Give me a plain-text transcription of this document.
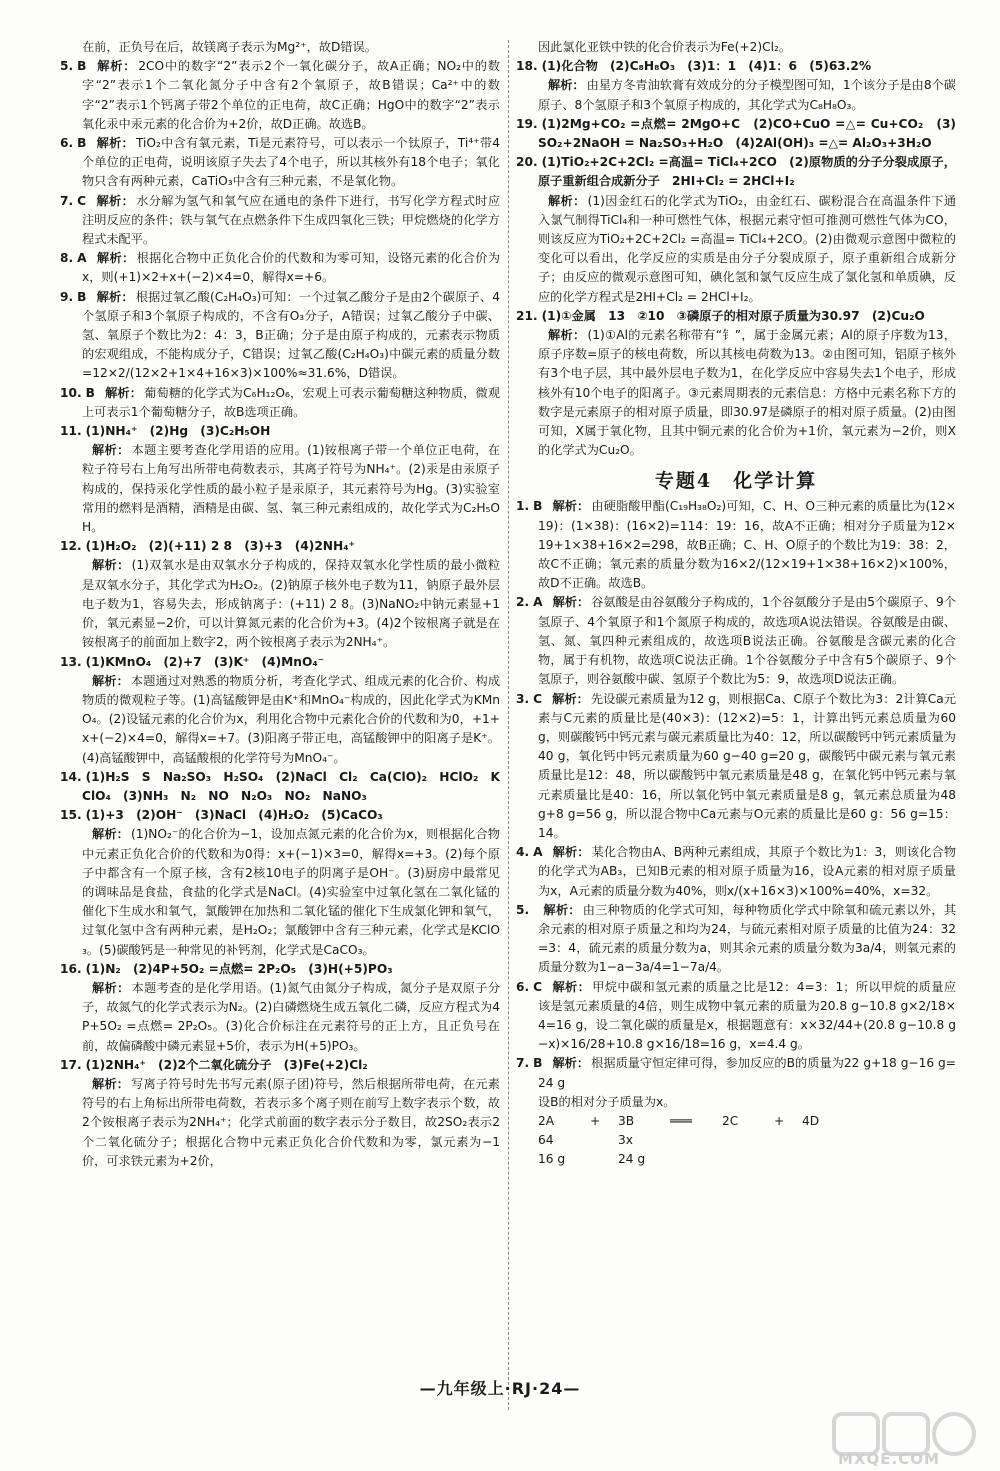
在前，正负号在后，故镁离子表示为Mg²⁺，故D错误。
5. B 解析： 2CO中的数字“2”表示2个一氧化碳分子，故A正确；NO₂中的数字“2”表示1个二氧化氮分子中含有2个氧原子，故B错误；Ca²⁺中的数字“2”表示1个钙离子带2个单位的正电荷，故C正确；HgO中的数字“2”表示氧化汞中汞元素的化合价为+2价，故D正确。故选B。
6. B 解析： TiO₂中含有氧元素，Ti是元素符号，可以表示一个钛原子，Ti⁴⁺带4个单位的正电荷，说明该原子失去了4个电子，所以其核外有18个电子；氧化物只含有两种元素，CaTiO₃中含有三种元素，不是氧化物。
7. C 解析： 水分解为氢气和氧气应在通电的条件下进行，书写化学方程式时应注明反应的条件；铁与氧气在点燃条件下生成四氧化三铁；甲烷燃烧的化学方程式未配平。
8. A 解析： 根据化合物中正负化合价的代数和为零可知，设铬元素的化合价为x，则(+1)×2+x+(−2)×4=0，解得x=+6。
9. B 解析： 根据过氧乙酸(C₂H₄O₃)可知：一个过氧乙酸分子是由2个碳原子、4个氢原子和3个氧原子构成的，不含有O₃分子，A错误；过氧乙酸分子中碳、氢、氧原子个数比为2：4：3，B正确；分子是由原子构成的，元素表示物质的宏观组成，不能构成分子，C错误；过氧乙酸(C₂H₄O₃)中碳元素的质量分数=12×2/(12×2+1×4+16×3)×100%≈31.6%，D错误。
10. B 解析： 葡萄糖的化学式为C₆H₁₂O₆，宏观上可表示葡萄糖这种物质，微观上可表示1个葡萄糖分子，故B选项正确。
11. (1)NH₄⁺　(2)Hg　(3)C₂H₅OH
解析： 本题主要考查化学用语的应用。(1)铵根离子带一个单位正电荷，在粒子符号右上角写出所带电荷数表示，其离子符号为NH₄⁺。(2)汞是由汞原子构成的，保持汞化学性质的最小粒子是汞原子，其元素符号为Hg。(3)实验室常用的燃料是酒精，酒精是由碳、氢、氧三种元素组成的，故化学式为C₂H₅OH。
12. (1)H₂O₂　(2)(+11) 2 8　(3)+3　(4)2NH₄⁺
解析： (1)双氧水是由双氧水分子构成的，保持双氧水化学性质的最小微粒是双氧水分子，其化学式为H₂O₂。(2)钠原子核外电子数为11，钠原子最外层电子数为1，容易失去，形成钠离子：(+11) 2 8。(3)NaNO₂中钠元素显+1价，氧元素显−2价，可以计算氮元素的化合价为+3。(4)2个铵根离子就是在铵根离子的前面加上数字2，两个铵根离子表示为2NH₄⁺。
13. (1)KMnO₄　(2)+7　(3)K⁺　(4)MnO₄⁻
解析： 本题通过对熟悉的物质分析，考查化学式、组成元素的化合价、构成物质的微观粒子等。(1)高锰酸钾是由K⁺和MnO₄⁻构成的，因此化学式为KMnO₄。(2)设锰元素的化合价为x，利用化合物中元素化合价的代数和为0，+1+x+(−2)×4=0，解得x=+7。(3)阳离子带正电，高锰酸钾中的阳离子是K⁺。(4)高锰酸钾中，高锰酸根的化学符号为MnO₄⁻。
14. (1)H₂S　S　Na₂SO₃　H₂SO₄　(2)NaCl　Cl₂　Ca(ClO)₂　HClO₂　KClO₄　(3)NH₃　N₂　NO　N₂O₃　NO₂　NaNO₃
15. (1)+3　(2)OH⁻　(3)NaCl　(4)H₂O₂　(5)CaCO₃
解析： (1)NO₂⁻的化合价为−1，设加点氮元素的化合价为x，则根据化合物中元素正负化合价的代数和为0得：x+(−1)×3=0，解得x=+3。(2)每个原子中都含有一个原子核，含有2核10电子的阴离子是OH⁻。(3)厨房中最常见的调味品是食盐，食盐的化学式是NaCl。(4)实验室中过氧化氢在二氧化锰的催化下生成水和氧气，氯酸钾在加热和二氧化锰的催化下生成氯化钾和氧气，过氧化氢中含有两种元素，是H₂O₂；氯酸钾中含有三种元素，化学式是KClO₃。(5)碳酸钙是一种常见的补钙剂，化学式是CaCO₃。
16. (1)N₂　(2)4P+5O₂ =点燃= 2P₂O₅　(3)H(+5)PO₃
解析： 本题考查的是化学用语。(1)氮气由氮分子构成，氮分子是双原子分子，故氮气的化学式表示为N₂。(2)白磷燃烧生成五氧化二磷，反应方程式为4P+5O₂ =点燃= 2P₂O₅。(3)化合价标注在元素符号的正上方，且正负号在前，故偏磷酸中磷元素显+5价，表示为H(+5)PO₃。
17. (1)2NH₄⁺　(2)2个二氧化硫分子　(3)Fe(+2)Cl₂
解析： 写离子符号时先书写元素(原子团)符号，然后根据所带电荷，在元素符号的右上角标出所带电荷数，若表示多个离子则在前写上数字表示个数，故2个铵根离子表示为2NH₄⁺；化学式前面的数字表示分子数目，故2SO₂表示2个二氧化硫分子；根据化合物中元素正负化合价代数和为零，氯元素为−1价，可求铁元素为+2价，
因此氯化亚铁中铁的化合价表示为Fe(+2)Cl₂。
18. (1)化合物　(2)C₈H₈O₃　(3)1：1　(4)1：6　(5)63.2%
解析： 由星方冬青油软膏有效成分的分子模型图可知，1个该分子是由8个碳原子、8个氢原子和3个氧原子构成的，其化学式为C₈H₈O₃。
19. (1)2Mg+CO₂ =点燃= 2MgO+C　(2)CO+CuO =△= Cu+CO₂　(3)SO₂+2NaOH = Na₂SO₃+H₂O　(4)2Al(OH)₃ =△= Al₂O₃+3H₂O
20. (1)TiO₂+2C+2Cl₂ =高温= TiCl₄+2CO　(2)原物质的分子分裂成原子，原子重新组合成新分子　2HI+Cl₂ = 2HCl+I₂
解析： (1)因金红石的化学式为TiO₂，由金红石、碳粉混合在高温条件下通入氯气制得TiCl₄和一种可燃性气体，根据元素守恒可推测可燃性气体为CO，则该反应为TiO₂+2C+2Cl₂ =高温= TiCl₄+2CO。(2)由微观示意图中微粒的变化可以看出，化学反应的实质是由分子分裂成原子，原子重新组合成新分子；由反应的微观示意图可知，碘化氢和氯气反应生成了氯化氢和单质碘，反应的化学方程式是2HI+Cl₂ = 2HCl+I₂。
21. (1)①金属　13　②10　③磷原子的相对原子质量为30.97　(2)Cu₂O
解析： (1)①Al的元素名称带有“钅”，属于金属元素；Al的原子序数为13，原子序数=原子的核电荷数，所以其核电荷数为13。②由图可知，铝原子核外有3个电子层，其中最外层电子数为1，在化学反应中容易失去1个电子，形成核外有10个电子的阳离子。③元素周期表的元素信息：方格中元素名称下方的数字是元素原子的相对原子质量，即30.97是磷原子的相对原子质量。(2)由图可知，X属于氧化物，且其中铜元素的化合价为+1价，氧元素为−2价，则X的化学式为Cu₂O。
专题4　化学计算
1. B 解析： 由硬脂酸甲酯(C₁₉H₃₈O₂)可知，C、H、O三种元素的质量比为(12×19)：(1×38)：(16×2)=114：19：16，故A不正确；相对分子质量为12×19+1×38+16×2=298，故B正确；C、H、O原子的个数比为19：38：2，故C不正确；氧元素的质量分数为16×2/(12×19+1×38+16×2)×100%，故D不正确。故选B。
2. A 解析： 谷氨酸是由谷氨酸分子构成的，1个谷氨酸分子是由5个碳原子、9个氢原子、4个氧原子和1个氮原子构成的，故选项A说法错误。谷氨酸是由碳、氢、氮、氧四种元素组成的，故选项B说法正确。谷氨酸是含碳元素的化合物，属于有机物，故选项C说法正确。1个谷氨酸分子中含有5个碳原子、9个氢原子，则谷氨酸中碳、氢原子个数比为5：9，故选项D说法正确。
3. C 解析： 先设碳元素质量为12 g，则根据Ca、C原子个数比为3：2计算Ca元素与C元素的质量比是(40×3)：(12×2)=5：1，计算出钙元素总质量为60 g，则碳酸钙中钙元素与碳元素质量比为40：12，所以碳酸钙中钙元素质量为40 g，氧化钙中钙元素质量为60 g−40 g=20 g，碳酸钙中碳元素与氧元素质量比是12：48，所以碳酸钙中氧元素质量是48 g，在氧化钙中钙元素与氧元素质量比是40：16，所以氧化钙中氧元素质量是8 g，氧元素总质量为48 g+8 g=56 g，所以混合物中Ca元素与O元素的质量比是60 g：56 g=15：14。
4. A 解析： 某化合物由A、B两种元素组成，其原子个数比为1：3，则该化合物的化学式为AB₃，已知B元素的相对原子质量为16，设A元素的相对原子质量为x，A元素的质量分数为40%，则x/(x+16×3)×100%=40%，x=32。
5. 解析： 由三种物质的化学式可知，每种物质化学式中除氧和硫元素以外，其余元素的相对原子质量之和均为24，与硫元素相对原子质量的比值为24：32=3：4，硫元素的质量分数为a，则其余元素的质量分数为3a/4，则氧元素的质量分数为1−a−3a/4=1−7a/4。
6. C 解析： 甲烷中碳和氢元素的质量之比是12：4=3：1；所以甲烷的质量应该是氢元素质量的4倍，则生成物中氧元素的质量为20.8 g−10.8 g×2/18×4=16 g，设二氧化碳的质量是x，根据题意有：x×32/44+(20.8 g−10.8 g−x)×16/28+10.8 g×16/18=16 g，x=4.4 g。
7. B 解析： 根据质量守恒定律可得，参加反应的B的质量为22 g+18 g−16 g=24 g
设B的相对分子质量为x。
2A	+ 3B	═══ 2C	+ 4D
64	3x
16 g	24 g
—九年级上·RJ·24—
MXQE.COM
